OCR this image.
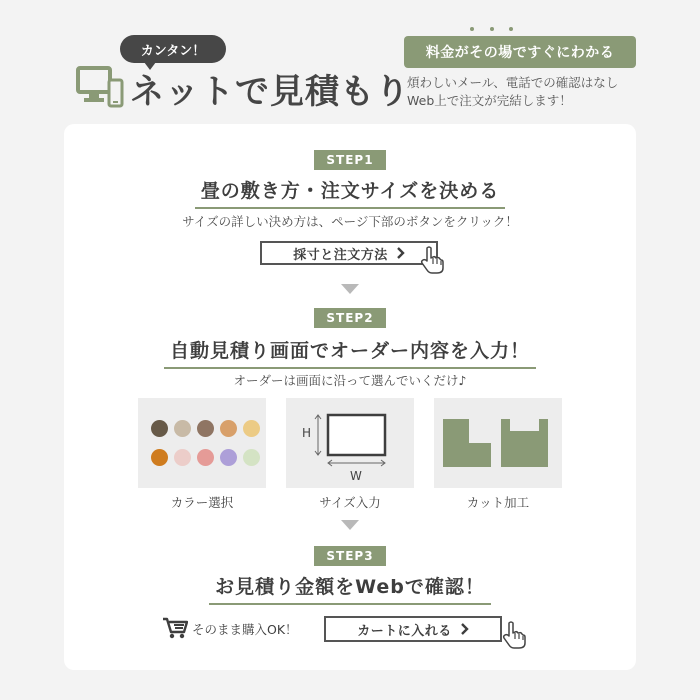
カンタン！
ネットで見積もり
料金がその場ですぐにわかる
煩わしいメール、電話での確認はなし
Web上で注文が完結します！
STEP1
畳の敷き方・注文サイズを決める
サイズの詳しい決め方は、ページ下部のボタンをクリック！
採寸と注文方法
STEP2
自動見積り画面でオーダー内容を入力！
オーダーは画面に沿って選んでいくだけ♪
カラー選択
H
W
サイズ入力	カット加工
STEP3
お見積り金額をWebで確認！
そのまま購入OK！	カートに入れる
